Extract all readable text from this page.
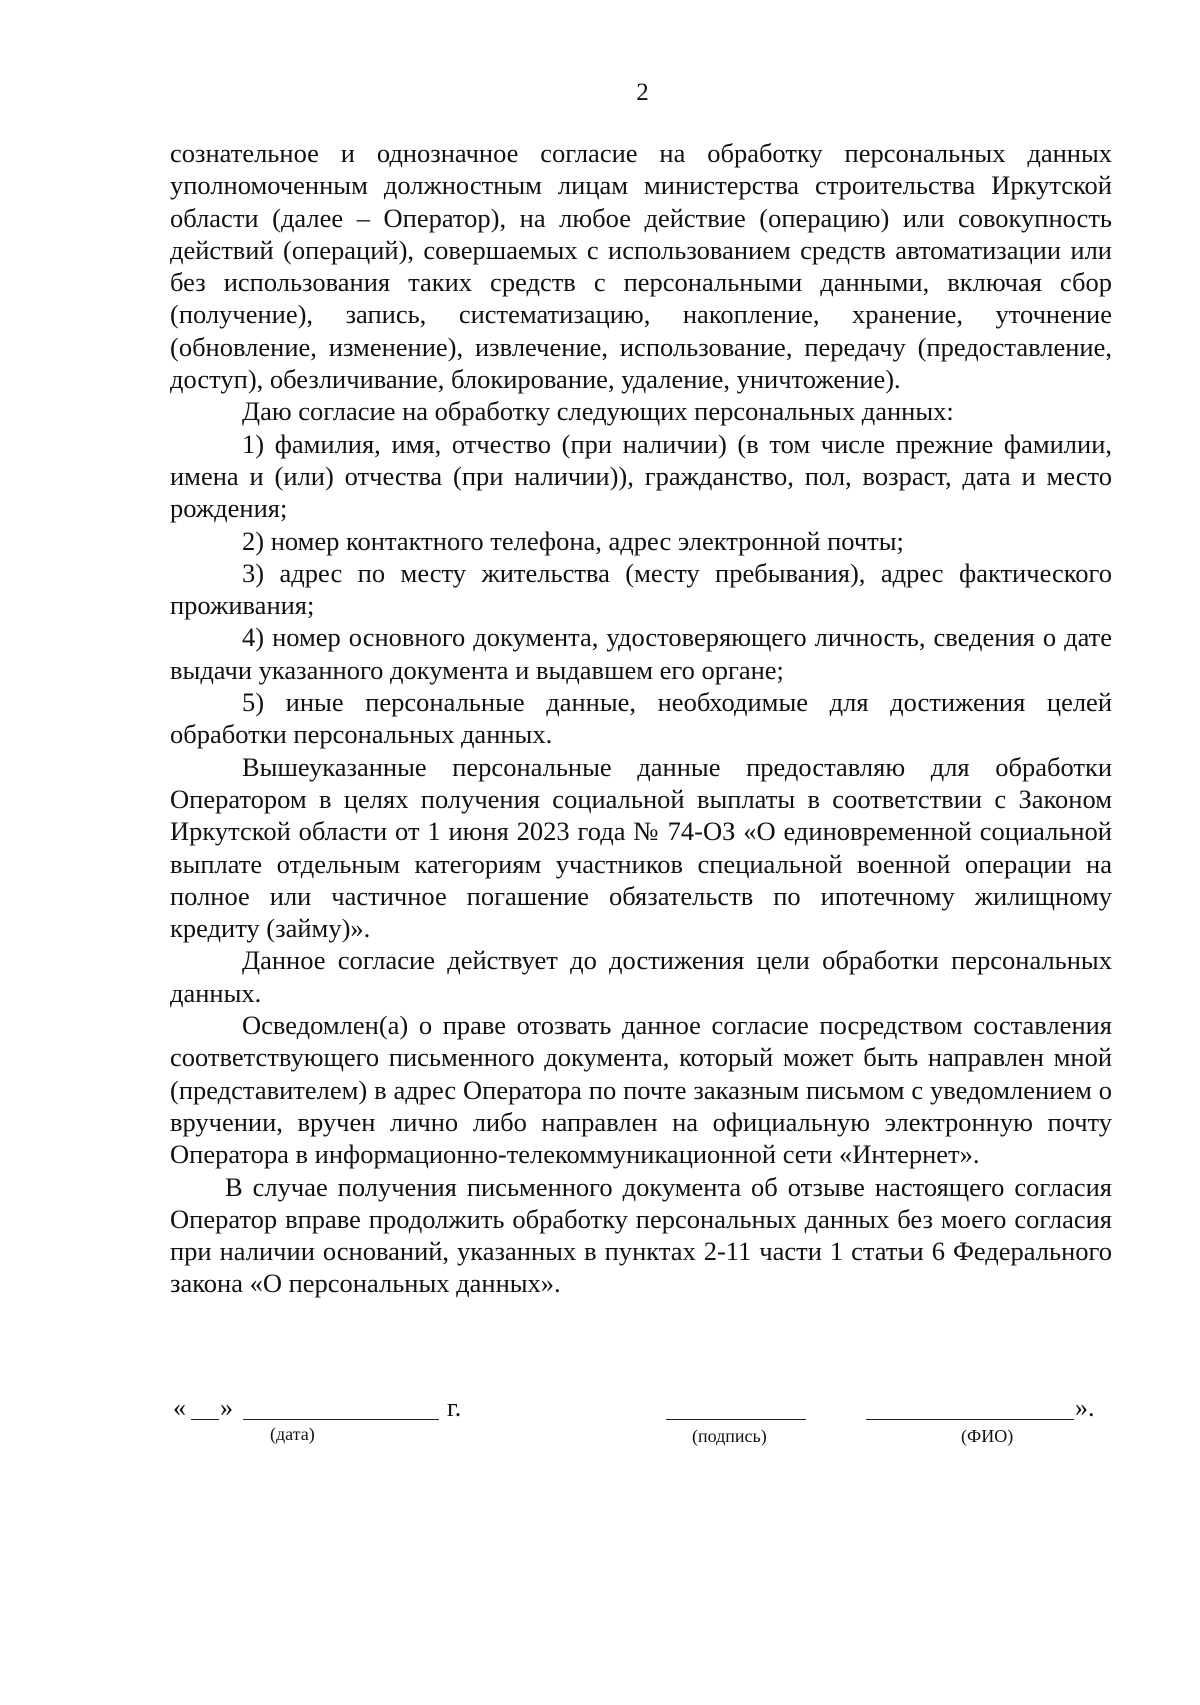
2

сознательное и однозначное согласие на обработку персональных данных уполномоченным должностным лицам министерства строительства Иркутской области (далее – Оператор), на любое действие (операцию) или совокупность действий (операций), совершаемых с использованием средств автоматизации или без использования таких средств с персональными данными, включая сбор (получение), запись, систематизацию, накопление, хранение, уточнение (обновление, изменение), извлечение, использование, передачу (предоставление, доступ), обезличивание, блокирование, удаление, уничтожение).

Даю согласие на обработку следующих персональных данных:

1) фамилия, имя, отчество (при наличии) (в том числе прежние фамилии, имена и (или) отчества (при наличии)), гражданство, пол, возраст, дата и место рождения;

2) номер контактного телефона, адрес электронной почты;

3) адрес по месту жительства (месту пребывания), адрес фактического проживания;

4) номер основного документа, удостоверяющего личность, сведения о дате выдачи указанного документа и выдавшем его органе;

5) иные персональные данные, необходимые для достижения целей обработки персональных данных.

Вышеуказанные персональные данные предоставляю для обработки Оператором в целях получения социальной выплаты в соответствии с Законом Иркутской области от 1 июня 2023 года № 74-ОЗ «О единовременной социальной выплате отдельным категориям участников специальной военной операции на полное или частичное погашение обязательств по ипотечному жилищному кредиту (займу)».

Данное согласие действует до достижения цели обработки персональных данных.

Осведомлен(а) о праве отозвать данное согласие посредством составления соответствующего письменного документа, который может быть направлен мной (представителем) в адрес Оператора по почте заказным письмом с уведомлением о вручении, вручен лично либо направлен на официальную электронную почту Оператора в информационно-телекоммуникационной сети «Интернет».

В случае получения письменного документа об отзыве настоящего согласия Оператор вправе продолжить обработку персональных данных без моего согласия при наличии оснований, указанных в пунктах 2-11 части 1 статьи 6 Федерального закона «О персональных данных».

« »	г.
(дата)	(подпись)
».
(ФИО)
